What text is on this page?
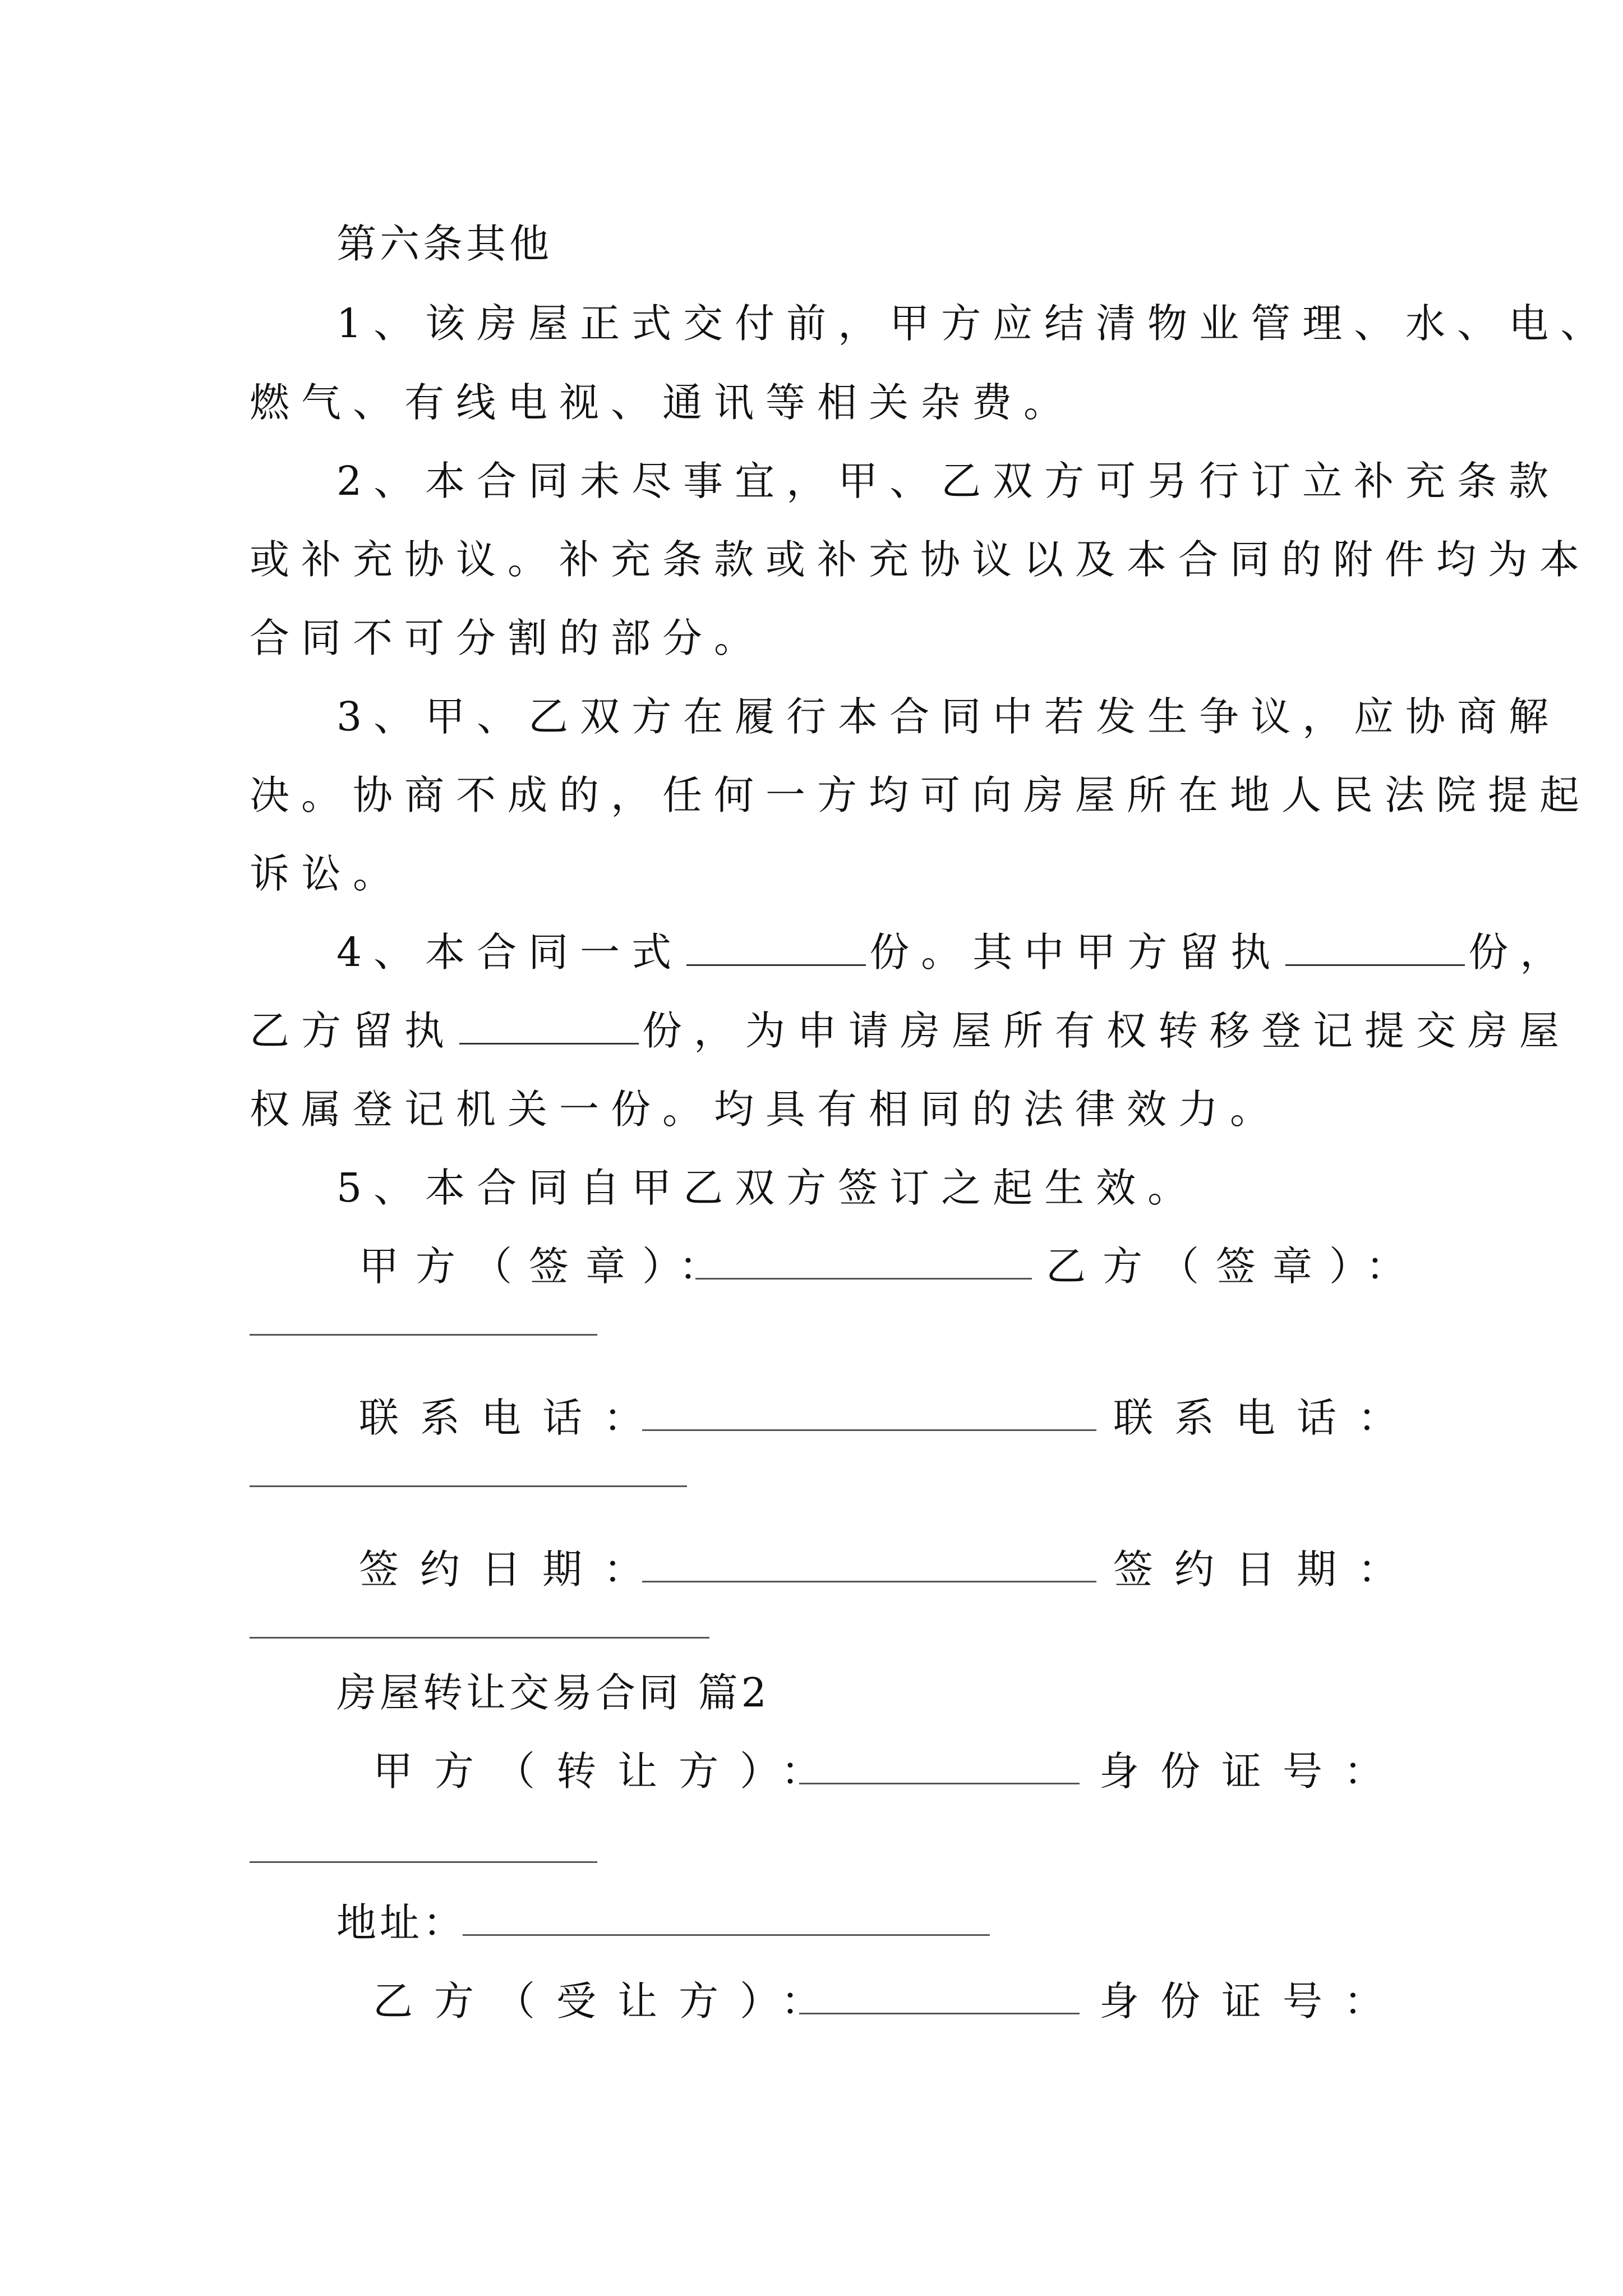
第六条其他
1、该房屋正式交付前，甲方应结清物业管理、水、电、
燃气、有线电视、通讯等相关杂费。
2、本合同未尽事宜，甲、乙双方可另行订立补充条款
或补充协议。补充条款或补充协议以及本合同的附件均为本
合同不可分割的部分。
3、甲、乙双方在履行本合同中若发生争议，应协商解
决。协商不成的，任何一方均可向房屋所在地人民法院提起
诉讼。
4、本合同一式	份。其中甲方留执	份，
乙方留执	份，为申请房屋所有权转移登记提交房屋
权属登记机关一份。均具有相同的法律效力。
5、本合同自甲乙双方签订之起生效。
甲方（签章）：	乙方（签章）：
联系电话：	联系电话：
签约日期：	签约日期：
房屋转让交易合同 篇2
甲方（转让方）：	身份证号：
地址：
乙方（受让方）：	身份证号：
